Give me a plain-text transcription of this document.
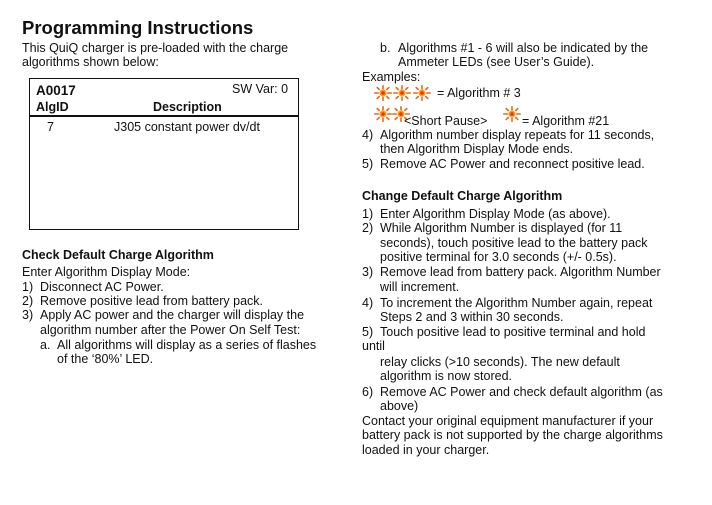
Programming Instructions
This QuiQ charger is pre-loaded with the charge
algorithms shown below:
A0017	SW Var: 0
AlgID	Description
7	J305 constant power dv/dt
Check Default Charge Algorithm
Enter Algorithm Display Mode:
1) Disconnect AC Power.
2) Remove positive lead from battery pack.
3) Apply AC power and the charger will display the
algorithm number after the Power On Self Test:
a. All algorithms will display as a series of flashes
of the ‘80%’ LED.
b. Algorithms #1 - 6 will also be indicated by the
Ammeter LEDs (see User’s Guide).
Examples:
= Algorithm # 3
<Short Pause>	= Algorithm #21
4) Algorithm number display repeats for 11 seconds,
then Algorithm Display Mode ends.
5) Remove AC Power and reconnect positive lead.
Change Default Charge Algorithm
1) Enter Algorithm Display Mode (as above).
2) While Algorithm Number is displayed (for 11
seconds), touch positive lead to the battery pack
positive terminal for 3.0 seconds (+/- 0.5s).
3) Remove lead from battery pack. Algorithm Number
will increment.
4) To increment the Algorithm Number again, repeat
Steps 2 and 3 within 30 seconds.
5) Touch positive lead to positive terminal and hold
until
relay clicks (>10 seconds). The new default
algorithm is now stored.
6) Remove AC Power and check default algorithm (as
above)
Contact your original equipment manufacturer if your
battery pack is not supported by the charge algorithms
loaded in your charger.
